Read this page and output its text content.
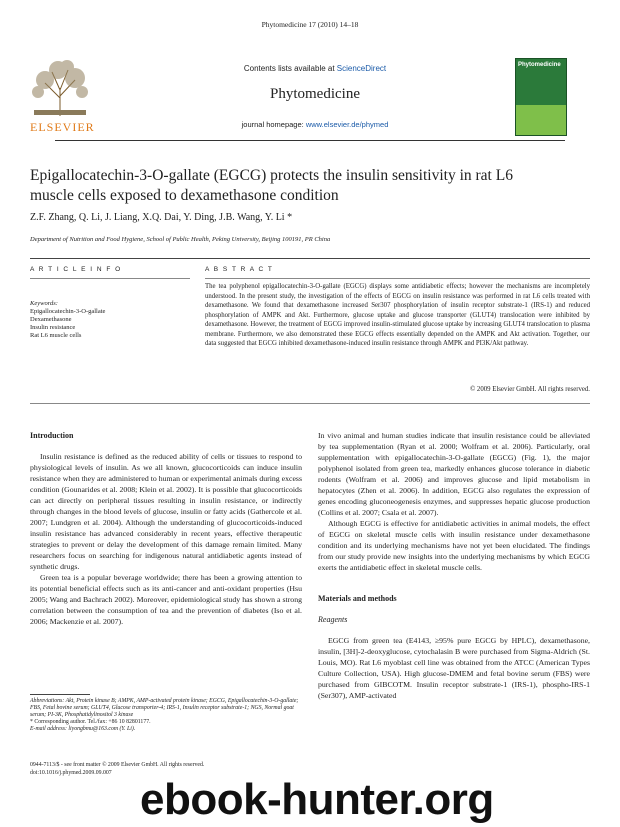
Phytomedicine 17 (2010) 14–18
ELSEVIER
Contents lists available at ScienceDirect
Phytomedicine
journal homepage: www.elsevier.de/phymed
Phytomedicine
Epigallocatechin-3-O-gallate (EGCG) protects the insulin sensitivity in rat L6
muscle cells exposed to dexamethasone condition
Z.F. Zhang, Q. Li, J. Liang, X.Q. Dai, Y. Ding, J.B. Wang, Y. Li *
Department of Nutrition and Food Hygiene, School of Public Health, Peking University, Beijing 100191, PR China
A R T I C L E I N F O	A B S T R A C T
Keywords:
Epigallocatechin-3-O-gallate
Dexamethasone
Insulin resistance
Rat L6 muscle cells
The tea polyphenol epigallocatechin-3-O-gallate (EGCG) displays some antidiabetic effects; however the mechanisms are incompletely understood. In the present study, the investigation of the effects of EGCG on insulin resistance was performed in rat L6 cells treated with dexamethasone. We found that dexamethasone increased Ser307 phosphorylation of insulin receptor substrate-1 (IRS-1) and reduced phosphorylation of AMPK and Akt. Furthermore, glucose uptake and glucose transporter (GLUT4) translocation were inhibited by dexamethasone. However, the treatment of EGCG improved insulin-stimulated glucose uptake by increasing GLUT4 translocation to plasma membrane. Furthermore, we also demonstrated these EGCG effects essentially depended on the AMPK and Akt activation. Together, our data suggested that EGCG inhibited dexamethasone-induced insulin resistance through AMPK and PI3K/Akt pathway.
© 2009 Elsevier GmbH. All rights reserved.
Introduction

Insulin resistance is defined as the reduced ability of cells or tissues to respond to physiological levels of insulin. As we all known, glucocorticoids can induce insulin resistance when they are administered to human or experimental animals during excess condition (Gounarides et al. 2008; Klein et al. 2002). It is possible that glucocorticoids can act directly on peripheral tissues resulting in insulin resistance, or indirectly through changes in the blood levels of glucose, insulin or fatty acids (Gathercole et al. 2007; Lundgren et al. 2004). Although the understanding of glucocorticoids-induced insulin resistance has advanced considerably in recent years, effective therapeutic strategies to prevent or delay the development of this damage remain limited. Many researchers focus on searching for indigenous natural antidiabetic agents instead of synthetic drugs.

Green tea is a popular beverage worldwide; there has been a growing attention to its potential beneficial effects such as its anti-cancer and anti-oxidant properties (Hsu 2005; Wang and Bachrach 2002). Moreover, epidemiological study has shown a strong correlation between the consumption of tea and the prevention of diabetes (Iso et al. 2006; Mackenzie et al. 2007).

Abbreviations: Akt, Protein kinase B; AMPK, AMP-activated protein kinase; EGCG, Epigallocatechin-3-O-gallate; FBS, Fetal bovine serum; GLUT4, Glucose transporter-4; IRS-1, Insulin receptor substrate-1; NGS, Normal goat serum; PI-3K, Phosphatidylinositol 3 kinase
* Corresponding author. Tel./fax: +86 10 82801177.
E-mail address: liyongbmu@163.com (Y. Li).
0944-7113/$ - see front matter © 2009 Elsevier GmbH. All rights reserved.
doi:10.1016/j.phymed.2009.09.007

In vivo animal and human studies indicate that insulin resistance could be alleviated by tea supplementation (Ryan et al. 2000; Wolfram et al. 2006). Particularly, oral supplementation with epigallocatechin-3-O-gallate (EGCG) (Fig. 1), the major polyphenol isolated from green tea, markedly enhances glucose tolerance in diabetic rodents (Wolfram et al. 2006) and improves glucose and lipid metabolism in hepatocytes (Zhen et al. 2006). In addition, EGCG also regulates the expression of genes encoding gluconeogenesis enzymes, and suppresses hepatic glucose production (Collins et al. 2007; Csala et al. 2007).

Although EGCG is effective for antidiabetic activities in animal models, the effect of EGCG on skeletal muscle cells with insulin resistance under dexamethasone condition and its underlying mechanisms have not yet been elucidated. The findings from our study provide new insights into the underlying mechanisms by which EGCG exerts the antidiabetic effect in skeletal muscle cells.

Materials and methods
Reagents

EGCG from green tea (E4143, ≥95% pure EGCG by HPLC), dexamethasone, insulin, [3H]-2-deoxyglucose, cytochalasin B were purchased from Sigma-Aldrich (St. Louis, MO). Rat L6 myoblast cell line was obtained from the ATCC (American Types Culture Collection, USA). High glucose-DMEM and fetal bovine serum (FBS) were purchased from GIBCOTM. Insulin receptor substrate-1 (IRS-1), phospho-IRS-1 (Ser307), AMP-activated

ebook-hunter.org
